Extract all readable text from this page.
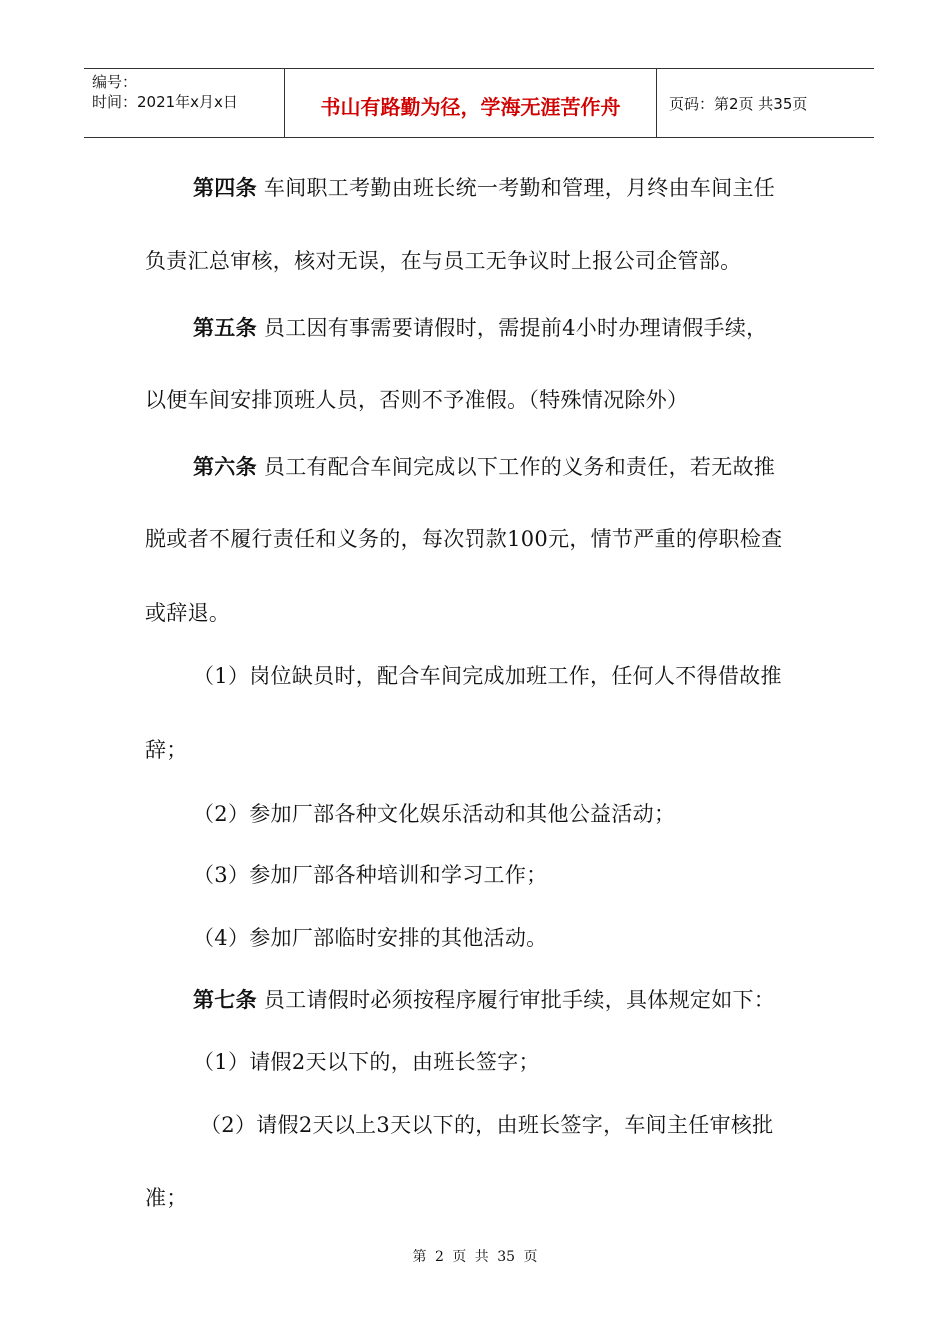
编号：
时间：2021年x月x日	书山有路勤为径，学海无涯苦作舟	页码：第2页 共35页
第四条 车间职工考勤由班长统一考勤和管理，月终由车间主任
负责汇总审核，核对无误，在与员工无争议时上报公司企管部。
第五条 员工因有事需要请假时，需提前4小时办理请假手续，
以便车间安排顶班人员，否则不予准假。（特殊情况除外）
第六条 员工有配合车间完成以下工作的义务和责任，若无故推
脱或者不履行责任和义务的，每次罚款100元，情节严重的停职检查
或辞退。
（1）岗位缺员时，配合车间完成加班工作，任何人不得借故推
辞；
（2）参加厂部各种文化娱乐活动和其他公益活动；
（3）参加厂部各种培训和学习工作；
（4）参加厂部临时安排的其他活动。
第七条 员工请假时必须按程序履行审批手续，具体规定如下：
（1）请假2天以下的，由班长签字；
（2）请假2天以上3天以下的，由班长签字，车间主任审核批
准；
第 2 页 共 35 页
